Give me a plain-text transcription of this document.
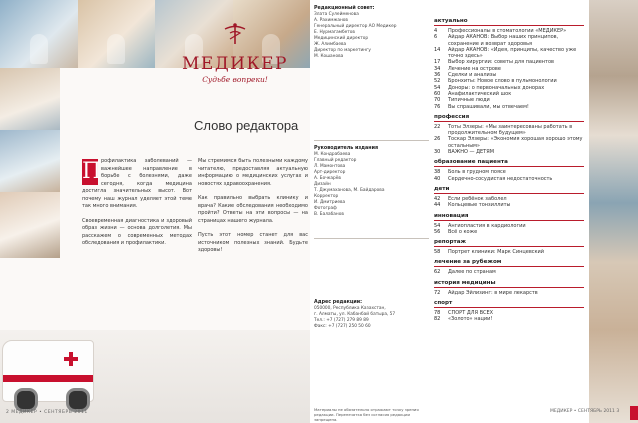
МЕДИКЕР
Судьбе вопреки!
Слово редактора

П рофилактика заболеваний — важнейшее направление в борьбе с болезнями, даже сегодня, когда медицина достигла значительных высот. Вот почему наш журнал уделяет этой теме так много внимания.

Своевременная диагностика и здоровый образ жизни — основа долголетия. Мы расскажем о современных методах обследования и профилактики.

Мы стремимся быть полезными каждому читателю, предоставляя актуальную информацию о медицинских услугах и новостях здравоохранения.

Как правильно выбрать клинику и врача? Какие обследования необходимо пройти? Ответы на эти вопросы — на страницах нашего журнала.

Пусть этот номер станет для вас источником полезных знаний. Будьте здоровы!

2 МЕДИКЕР • СЕНТЯБРЬ 2011
Редакционный совет:
Злата Сулейменова
А. Рахимжанов
Генеральный директор АО Медикер
Е. Нурмагамбетов
Медицинский директор
Ж. Алимбаева
Директор по маркетингу
М. Кошанова
Руководитель издания
М. Кондрабаева
Главный редактор
Л. Мамонтова
Арт-директор
А. Бочкарёв
Дизайн
Т. Джумаханова, М. Байдарова
Корректор
И. Дмитриева
Фотограф
В. Балабанов
Адрес редакции:
050000, Республика Казахстан,
г. Алматы, ул. Кабанбай батыра, 57
Тел.: +7 (727) 279 89 89
Факс: +7 (727) 250 50 60
Материалы не обязательно отражают точку зрения редакции. Перепечатка без согласия редакции запрещена.
актуально
4	Профессионалы в стоматологии «МЕДИКЕР»
6	Айдар АКАНОВ: Выбор наших принципов, сохранение и возврат здоровья
14	Айдар АКАНОВ: «Идея, принципы, качество уже точно здесь»
17	Выбор хирургии: советы для пациентов
34	Лечение на острове
36	Сделки и анализы
52	Бронхиты: Новое слово в пульмонологии
54	Доноры: о первоначальных донорах
60	Анафилактический шок
70	Типичные люди
76	Вы спрашивали, мы отвечаем!
профессия
22	Тоты Элзеры: «Мы заинтересованы работать в продолжительном будущем»
26	Тоскар Элзеры: «Экономия хорошая хорошо этому остальным»
30	ВАЖНО — ДЕТЯМ
образование пациента
38	Боль в грудном поясе
40	Сердечно-сосудистая недостаточность
дети
42	Если ребёнок заболел
44	Кольцевые тонзиллиты
инновация
54	Ангиопластия в кардиологии
56	Всё о коже
репортаж
58	Портрет клиники: Марк Синцевский
лечение за рубежом
62	Далее по странам
история медицины
72	Айдар Эйлизинг: в мире лекарств
спорт
78	СПОРТ ДЛЯ ВСЕХ
82	«Золото» нации!
МЕДИКЕР • СЕНТЯБРЬ 2011 3
